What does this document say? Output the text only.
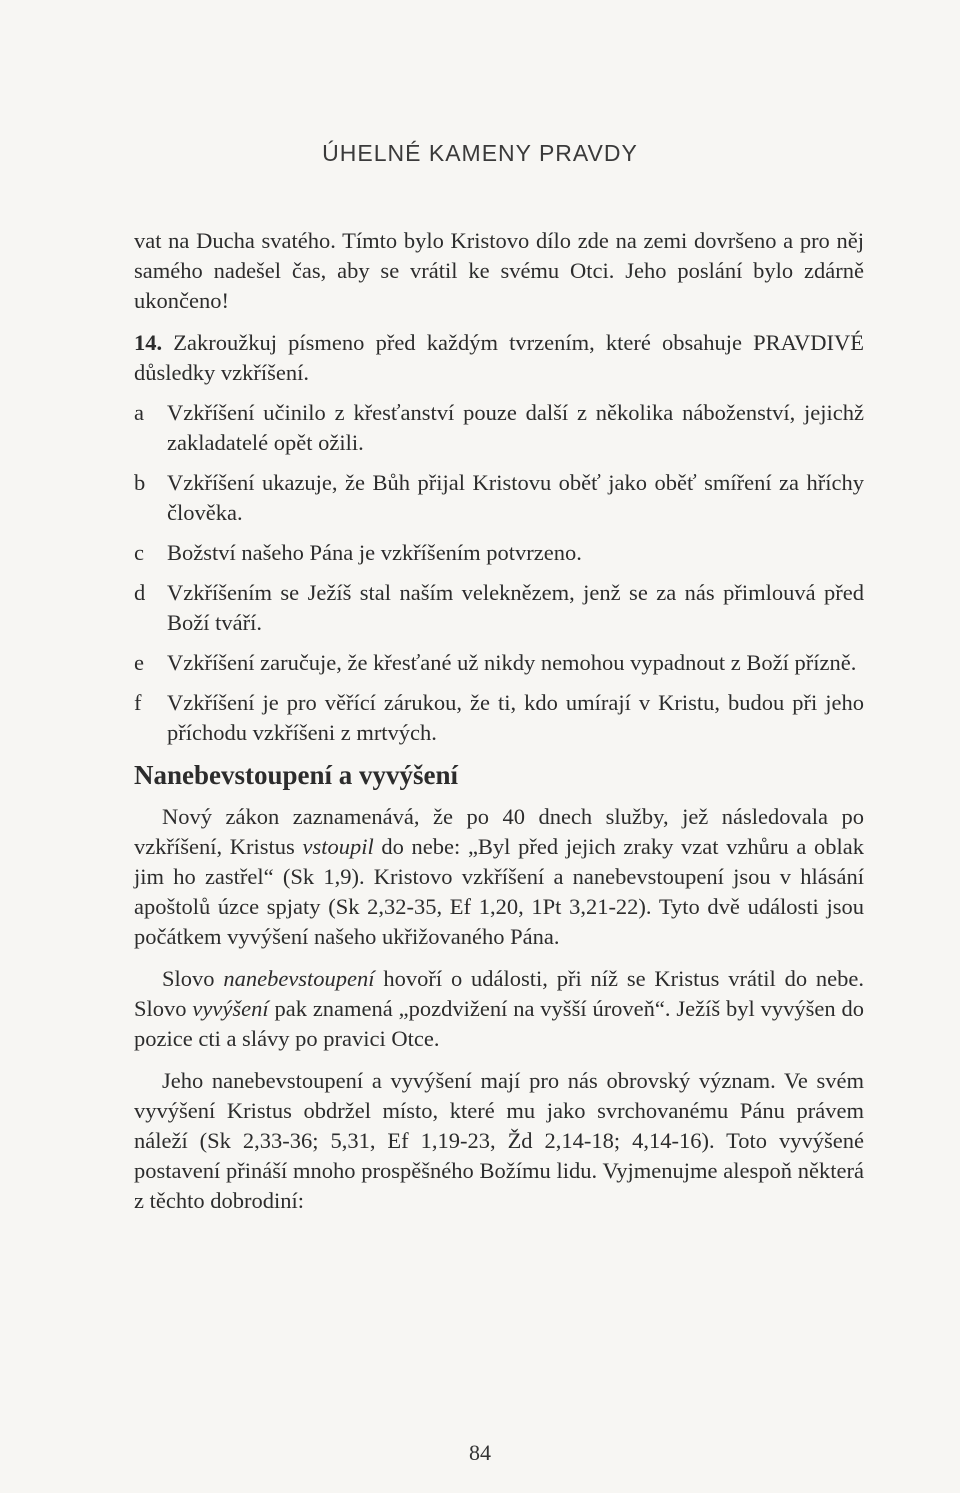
ÚHELNÉ KAMENY PRAVDY

vat na Ducha svatého. Tímto bylo Kristovo dílo zde na zemi dovršeno a pro něj samého nadešel čas, aby se vrátil ke svému Otci. Jeho poslání bylo zdárně ukončeno!

14. Zakroužkuj písmeno před každým tvrzením, které obsahuje PRAVDIVÉ důsledky vzkříšení.

a Vzkříšení učinilo z křesťanství pouze další z několika náboženství, jejichž zakladatelé opět ožili.
b Vzkříšení ukazuje, že Bůh přijal Kristovu oběť jako oběť smíření za hříchy člověka.
c Božství našeho Pána je vzkříšením potvrzeno.
d Vzkříšením se Ježíš stal naším veleknězem, jenž se za nás přimlouvá před Boží tváří.
e Vzkříšení zaručuje, že křesťané už nikdy nemohou vypadnout z Boží přízně.
f Vzkříšení je pro věřící zárukou, že ti, kdo umírají v Kristu, budou při jeho příchodu vzkříšeni z mrtvých.
Nanebevstoupení a vyvýšení

Nový zákon zaznamenává, že po 40 dnech služby, jež následovala po vzkříšení, Kristus vstoupil do nebe: „Byl před jejich zraky vzat vzhůru a oblak jim ho zastřel“ (Sk 1,9). Kristovo vzkříšení a nanebevstoupení jsou v hlásání apoštolů úzce spjaty (Sk 2,32-35, Ef 1,20, 1Pt 3,21-22). Tyto dvě události jsou počátkem vyvýšení našeho ukřižovaného Pána.

Slovo nanebevstoupení hovoří o události, při níž se Kristus vrátil do nebe. Slovo vyvýšení pak znamená „pozdvižení na vyšší úroveň“. Ježíš byl vyvýšen do pozice cti a slávy po pravici Otce.

Jeho nanebevstoupení a vyvýšení mají pro nás obrovský význam. Ve svém vyvýšení Kristus obdržel místo, které mu jako svrchovanému Pánu právem náleží (Sk 2,33-36; 5,31, Ef 1,19-23, Žd 2,14-18; 4,14-16). Toto vyvýšené postavení přináší mnoho prospěšného Božímu lidu. Vyjmenujme alespoň některá z těchto dobrodiní:

84
